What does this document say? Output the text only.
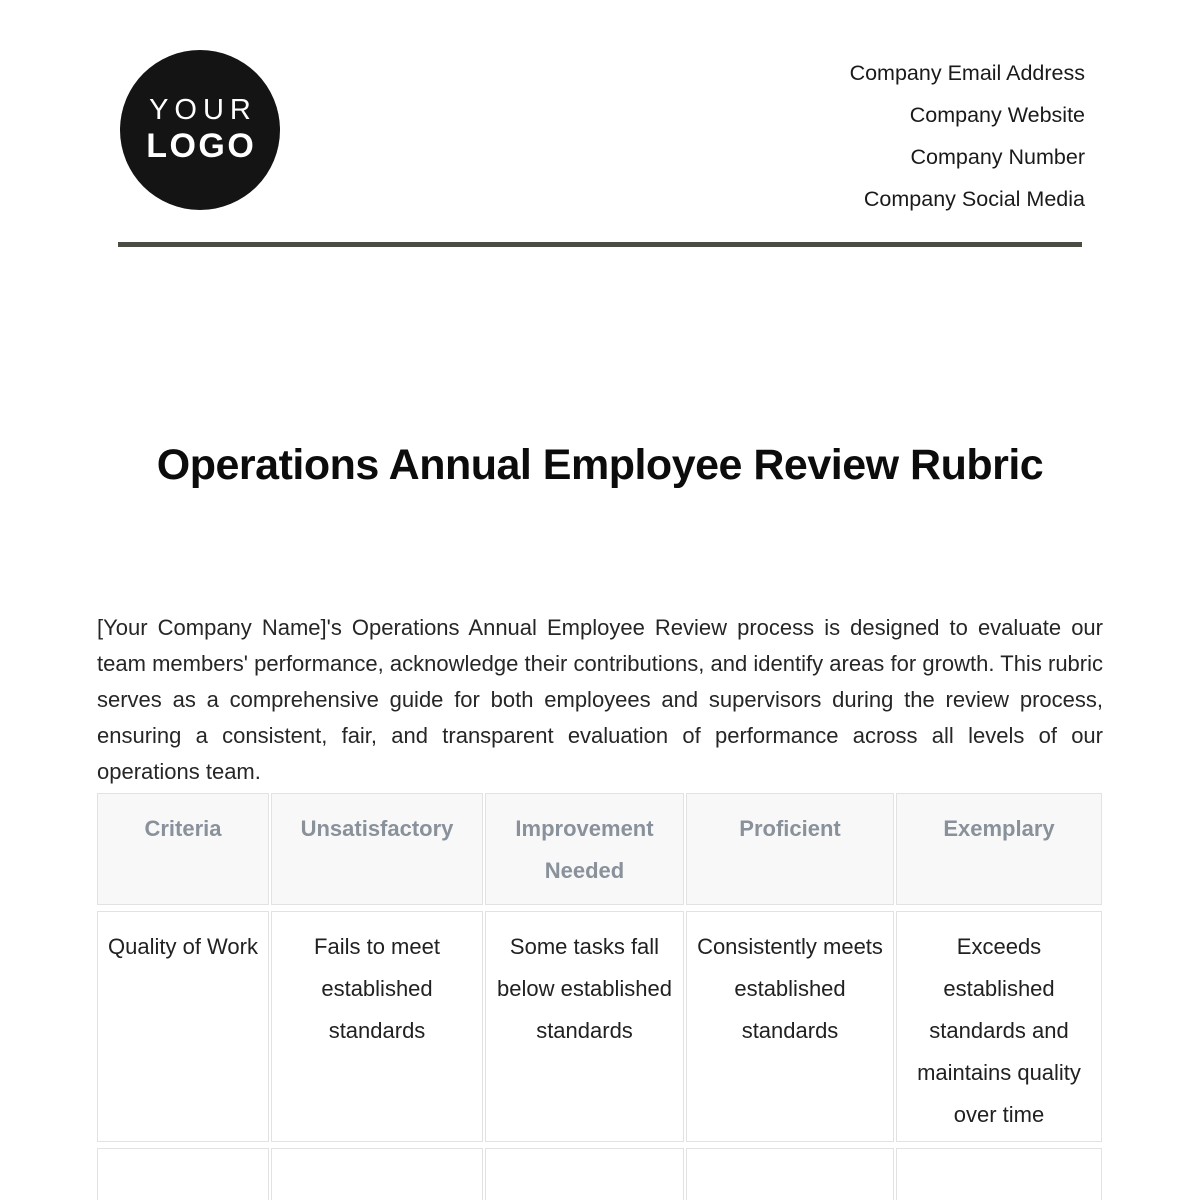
YOUR
LOGO
Company Email Address
Company Website
Company Number
Company Social Media
Operations Annual Employee Review Rubric

[Your Company Name]'s Operations Annual Employee Review process is designed to evaluate our team members' performance, acknowledge their contributions, and identify areas for growth. This rubric serves as a comprehensive guide for both employees and supervisors during the review process, ensuring a consistent, fair, and transparent evaluation of performance across all levels of our operations team.

Criteria	Unsatisfactory	Improvement Needed	Proficient	Exemplary
Quality of Work	Fails to meet established standards	Some tasks fall below established standards	Consistently meets established standards	Exceeds established standards and maintains quality over time
